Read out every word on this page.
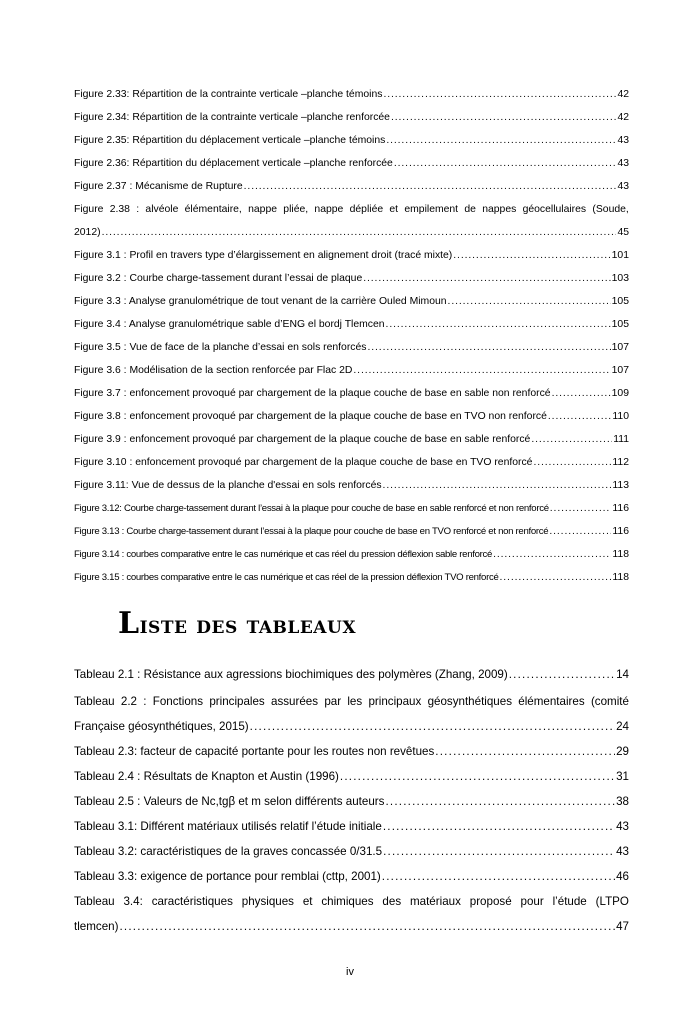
Figure 2.33: Répartition de la contrainte verticale –planche témoins . . .	42
Figure 2.34: Répartition de la contrainte verticale –planche renforcée . . .	42
Figure 2.35: Répartition du déplacement verticale –planche témoins . . .	43
Figure 2.36: Répartition du déplacement verticale –planche renforcée . . .	43
Figure 2.37 : Mécanisme de Rupture . . .	43
Figure 2.38 : alvéole élémentaire, nappe pliée, nappe dépliée et empilement de nappes géocellulaires (Soude,
2012) . . .	45
Figure 3.1 : Profil en travers type d’élargissement en alignement droit (tracé mixte) . . .	101
Figure 3.2 : Courbe charge-tassement durant l’essai de plaque . . .	103
Figure 3.3 : Analyse granulométrique de tout venant de la carrière Ouled Mimoun . . .	105
Figure 3.4 : Analyse granulométrique sable d’ENG el bordj Tlemcen . . .	105
Figure 3.5 : Vue de face de la planche d’essai en sols renforcés . . .	107
Figure 3.6 : Modélisation de la section renforcée par Flac 2D . . .	107
Figure 3.7 : enfoncement provoqué par chargement de la plaque couche de base en sable non renforcé . . .	109
Figure 3.8 : enfoncement provoqué par chargement de la plaque couche de base en TVO non renforcé . . .	110
Figure 3.9 : enfoncement provoqué par chargement de la plaque couche de base en sable renforcé . . .	111
Figure 3.10 : enfoncement provoqué par chargement de la plaque couche de base en TVO renforcé . . .	112
Figure 3.11: Vue de dessus de la planche d'essai en sols renforcés . . .	113
Figure 3.12: Courbe charge-tassement durant l’essai à la plaque pour couche de base en sable renforcé et non renforcé . . .	116
Figure 3.13 : Courbe charge-tassement durant l’essai à la plaque pour couche de base en TVO renforcé et non renforcé . . .	116
Figure 3.14 : courbes comparative entre le cas numérique et cas réel du pression déflexion sable renforcé . . .	118
Figure 3.15 : courbes comparative entre le cas numérique et cas réel de la pression déflexion TVO renforcé . . .	118
Liste des tableaux
Tableau 2.1 : Résistance aux agressions biochimiques des polymères (Zhang, 2009) . . .	14
Tableau 2.2 : Fonctions principales assurées par les principaux géosynthétiques élémentaires (comité
Française géosynthétiques, 2015) . . .	24
Tableau 2.3: facteur de capacité portante pour les routes non revêtues . . .	29
Tableau 2.4 : Résultats de Knapton et Austin (1996) . . .	31
Tableau 2.5 : Valeurs de Nc,tgβ et m selon différents auteurs . . .	38
Tableau 3.1: Différent matériaux utilisés relatif l’étude initiale . . .	43
Tableau 3.2: caractéristiques de la graves concassée 0/31.5 . . .	43
Tableau 3.3: exigence de portance pour remblai (cttp, 2001) . . .	46
Tableau 3.4: caractéristiques physiques et chimiques des matériaux proposé pour l’étude (LTPO
tlemcen) . . .	47
iv
